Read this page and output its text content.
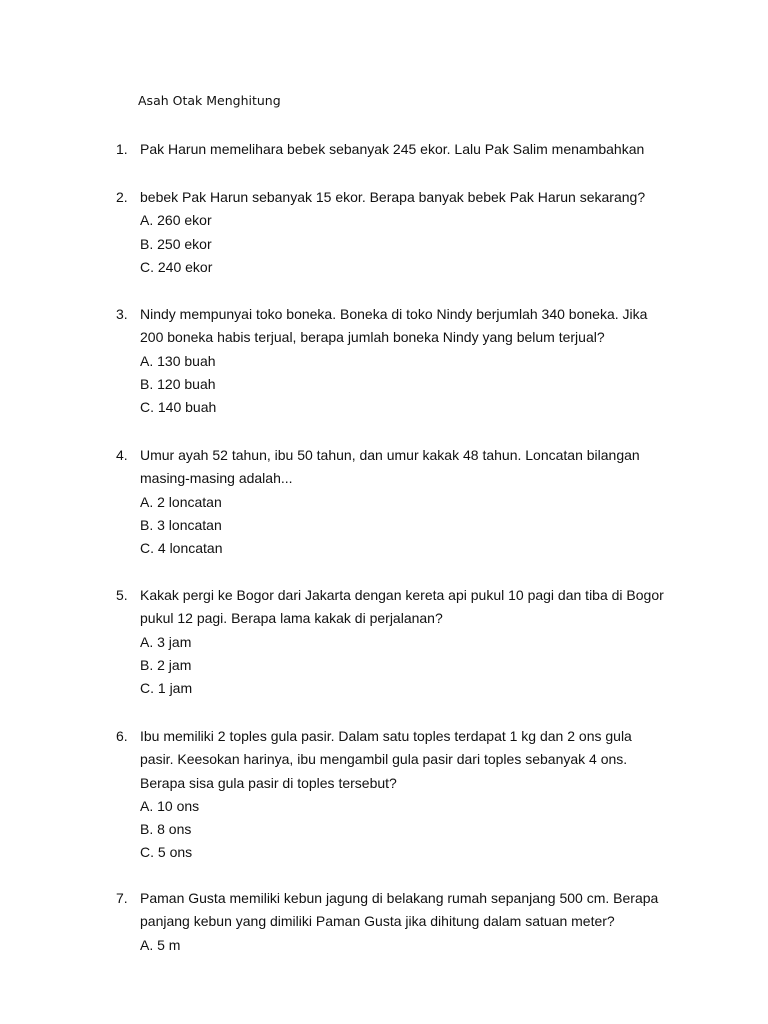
Asah Otak Menghitung
1. Pak Harun memelihara bebek sebanyak 245 ekor. Lalu Pak Salim menambahkan
2. bebek Pak Harun sebanyak 15 ekor. Berapa banyak bebek Pak Harun sekarang?
A. 260 ekor
B. 250 ekor
C. 240 ekor
3. Nindy mempunyai toko boneka. Boneka di toko Nindy berjumlah 340 boneka. Jika
200 boneka habis terjual, berapa jumlah boneka Nindy yang belum terjual?
A. 130 buah
B. 120 buah
C. 140 buah
4. Umur ayah 52 tahun, ibu 50 tahun, dan umur kakak 48 tahun. Loncatan bilangan
masing-masing adalah...
A. 2 loncatan
B. 3 loncatan
C. 4 loncatan
5. Kakak pergi ke Bogor dari Jakarta dengan kereta api pukul 10 pagi dan tiba di Bogor
pukul 12 pagi. Berapa lama kakak di perjalanan?
A. 3 jam
B. 2 jam
C. 1 jam
6. Ibu memiliki 2 toples gula pasir. Dalam satu toples terdapat 1 kg dan 2 ons gula
pasir. Keesokan harinya, ibu mengambil gula pasir dari toples sebanyak 4 ons.
Berapa sisa gula pasir di toples tersebut?
A. 10 ons
B. 8 ons
C. 5 ons
7. Paman Gusta memiliki kebun jagung di belakang rumah sepanjang 500 cm. Berapa
panjang kebun yang dimiliki Paman Gusta jika dihitung dalam satuan meter?
A. 5 m
